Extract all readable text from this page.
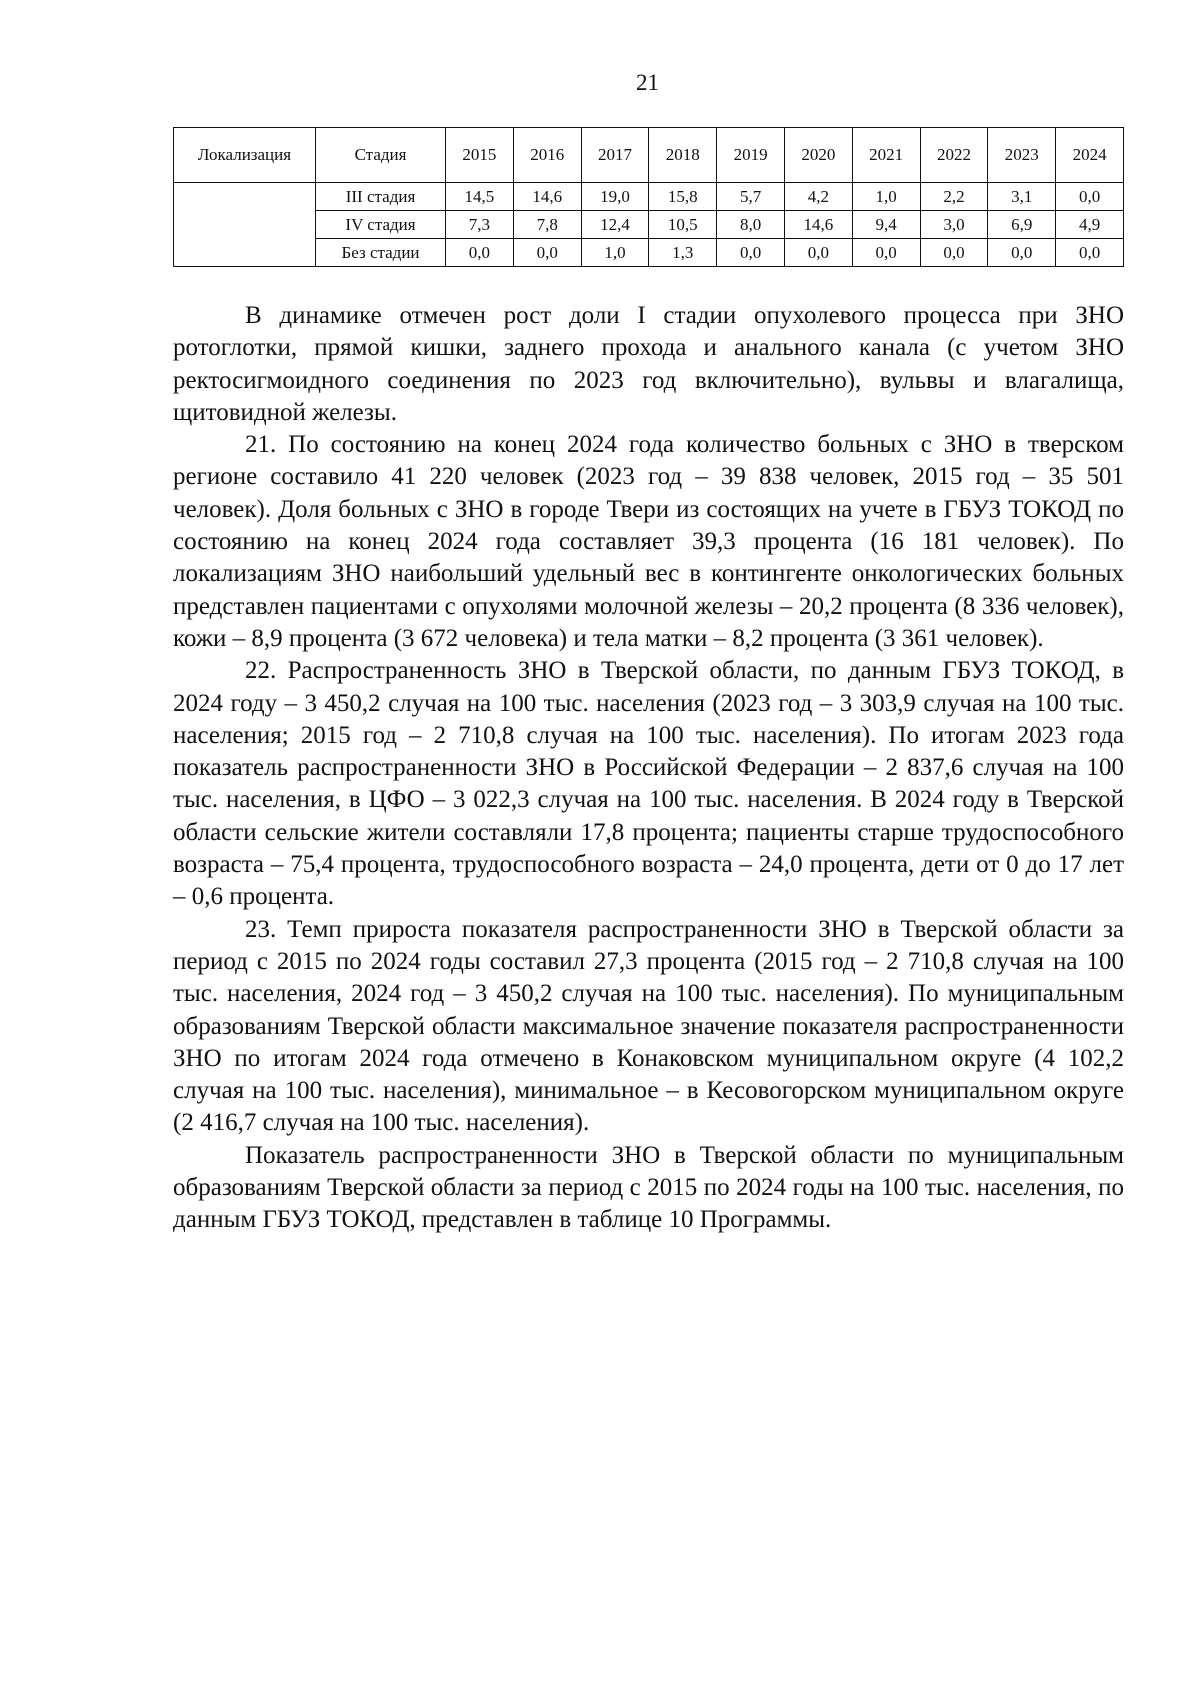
21
Локализация	Стадия	2015	2016	2017	2018	2019	2020	2021	2022	2023	2024
	III стадия	14,5	14,6	19,0	15,8	5,7	4,2	1,0	2,2	3,1	0,0
	IV стадия	7,3	7,8	12,4	10,5	8,0	14,6	9,4	3,0	6,9	4,9
	Без стадии	0,0	0,0	1,0	1,3	0,0	0,0	0,0	0,0	0,0	0,0

В динамике отмечен рост доли I стадии опухолевого процесса при ЗНО ротоглотки, прямой кишки, заднего прохода и анального канала (с учетом ЗНО ректосигмоидного соединения по 2023 год включительно), вульвы и влагалища, щитовидной железы.

21. По состоянию на конец 2024 года количество больных с ЗНО в тверском регионе составило 41 220 человек (2023 год – 39 838 человек, 2015 год – 35 501 человек). Доля больных с ЗНО в городе Твери из состоящих на учете в ГБУЗ ТОКОД по состоянию на конец 2024 года составляет 39,3 процента (16 181 человек). По локализациям ЗНО наибольший удельный вес в контингенте онкологических больных представлен пациентами с опухолями молочной железы – 20,2 процента (8 336 человек), кожи – 8,9 процента (3 672 человека) и тела матки – 8,2 процента (3 361 человек).

22. Распространенность ЗНО в Тверской области, по данным ГБУЗ ТОКОД, в 2024 году – 3 450,2 случая на 100 тыс. населения (2023 год – 3 303,9 случая на 100 тыс. населения; 2015 год – 2 710,8 случая на 100 тыс. населения). По итогам 2023 года показатель распространенности ЗНО в Российской Федерации – 2 837,6 случая на 100 тыс. населения, в ЦФО – 3 022,3 случая на 100 тыс. населения. В 2024 году в Тверской области сельские жители составляли 17,8 процента; пациенты старше трудоспособного возраста – 75,4 процента, трудоспособного возраста – 24,0 процента, дети от 0 до 17 лет – 0,6 процента.

23. Темп прироста показателя распространенности ЗНО в Тверской области за период с 2015 по 2024 годы составил 27,3 процента (2015 год – 2 710,8 случая на 100 тыс. населения, 2024 год – 3 450,2 случая на 100 тыс. населения). По муниципальным образованиям Тверской области максимальное значение показателя распространенности ЗНО по итогам 2024 года отмечено в Конаковском муниципальном округе (4 102,2 случая на 100 тыс. населения), минимальное – в Кесовогорском муниципальном округе (2 416,7 случая на 100 тыс. населения).

Показатель распространенности ЗНО в Тверской области по муниципальным образованиям Тверской области за период с 2015 по 2024 годы на 100 тыс. населения, по данным ГБУЗ ТОКОД, представлен в таблице 10 Программы.
